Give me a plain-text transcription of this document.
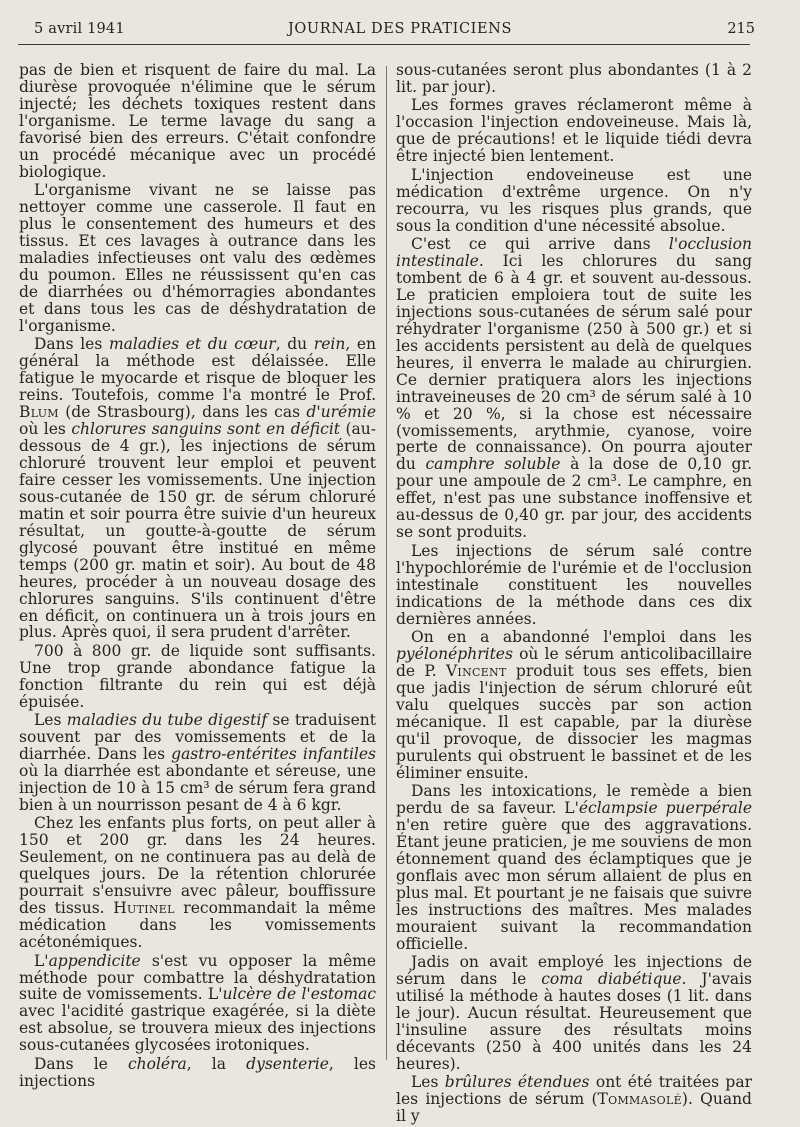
5 avril 1941	JOURNAL DES PRATICIENS	215

pas de bien et risquent de faire du mal. La diurèse provoquée n'élimine que le sérum injecté; les déchets toxiques restent dans l'organisme. Le terme lavage du sang a favorisé bien des erreurs. C'était confondre un procédé mécanique avec un procédé biologique.

L'organisme vivant ne se laisse pas nettoyer comme une casserole. Il faut en plus le consentement des humeurs et des tissus. Et ces lavages à outrance dans les maladies infectieuses ont valu des œdèmes du poumon. Elles ne réussissent qu'en cas de diarrhées ou d'hémorragies abondantes et dans tous les cas de déshydratation de l'organisme.

Dans les maladies et du cœur, du rein, en général la méthode est délaissée. Elle fatigue le myocarde et risque de bloquer les reins. Toutefois, comme l'a montré le Prof. Blum (de Strasbourg), dans les cas d'urémie où les chlorures sanguins sont en déficit (au-dessous de 4 gr.), les injections de sérum chloruré trouvent leur emploi et peuvent faire cesser les vomissements. Une injection sous-cutanée de 150 gr. de sérum chloruré matin et soir pourra être suivie d'un heureux résultat, un goutte-à-goutte de sérum glycosé pouvant être institué en même temps (200 gr. matin et soir). Au bout de 48 heures, procéder à un nouveau dosage des chlorures sanguins. S'ils continuent d'être en déficit, on continuera un à trois jours en plus. Après quoi, il sera prudent d'arrêter.

700 à 800 gr. de liquide sont suffisants. Une trop grande abondance fatigue la fonction filtrante du rein qui est déjà épuisée.

Les maladies du tube digestif se traduisent souvent par des vomissements et de la diarrhée. Dans les gastro-entérites infantiles où la diarrhée est abondante et séreuse, une injection de 10 à 15 cm³ de sérum fera grand bien à un nourrisson pesant de 4 à 6 kgr.

Chez les enfants plus forts, on peut aller à 150 et 200 gr. dans les 24 heures. Seulement, on ne continuera pas au delà de quelques jours. De la rétention chlorurée pourrait s'ensuivre avec pâleur, bouffissure des tissus. Hutinel recommandait la même médication dans les vomissements acétonémiques.

L'appendicite s'est vu opposer la même méthode pour combattre la déshydratation suite de vomissements. L'ulcère de l'estomac avec l'acidité gastrique exagérée, si la diète est absolue, se trouvera mieux des injections sous-cutanées glycosées irotoniques.

Dans le choléra, la dysenterie, les injections

sous-cutanées seront plus abondantes (1 à 2 lit. par jour).

Les formes graves réclameront même à l'occasion l'injection endoveineuse. Mais là, que de précautions! et le liquide tiédi devra être injecté bien lentement.

L'injection endoveineuse est une médication d'extrême urgence. On n'y recourra, vu les risques plus grands, que sous la condition d'une nécessité absolue.

C'est ce qui arrive dans l'occlusion intestinale. Ici les chlorures du sang tombent de 6 à 4 gr. et souvent au-dessous. Le praticien emploiera tout de suite les injections sous-cutanées de sérum salé pour réhydrater l'organisme (250 à 500 gr.) et si les accidents persistent au delà de quelques heures, il enverra le malade au chirurgien. Ce dernier pratiquera alors les injections intraveineuses de 20 cm³ de sérum salé à 10 % et 20 %, si la chose est nécessaire (vomissements, arythmie, cyanose, voire perte de connaissance). On pourra ajouter du camphre soluble à la dose de 0,10 gr. pour une ampoule de 2 cm³. Le camphre, en effet, n'est pas une substance inoffensive et au-dessus de 0,40 gr. par jour, des accidents se sont produits.

Les injections de sérum salé contre l'hypochlorémie de l'urémie et de l'occlusion intestinale constituent les nouvelles indications de la méthode dans ces dix dernières années.

On en a abandonné l'emploi dans les pyélonéphrites où le sérum anticolibacillaire de P. Vincent produit tous ses effets, bien que jadis l'injection de sérum chloruré eût valu quelques succès par son action mécanique. Il est capable, par la diurèse qu'il provoque, de dissocier les magmas purulents qui obstruent le bassinet et de les éliminer ensuite.

Dans les intoxications, le remède a bien perdu de sa faveur. L'éclampsie puerpérale n'en retire guère que des aggravations. Étant jeune praticien, je me souviens de mon étonnement quand des éclamptiques que je gonflais avec mon sérum allaient de plus en plus mal. Et pourtant je ne faisais que suivre les instructions des maîtres. Mes malades mouraient suivant la recommandation officielle.

Jadis on avait employé les injections de sérum dans le coma diabétique. J'avais utilisé la méthode à hautes doses (1 lit. dans le jour). Aucun résultat. Heureusement que l'insuline assure des résultats moins décevants (250 à 400 unités dans les 24 heures).

Les brûlures étendues ont été traitées par les injections de sérum (Tommasolé). Quand il y
